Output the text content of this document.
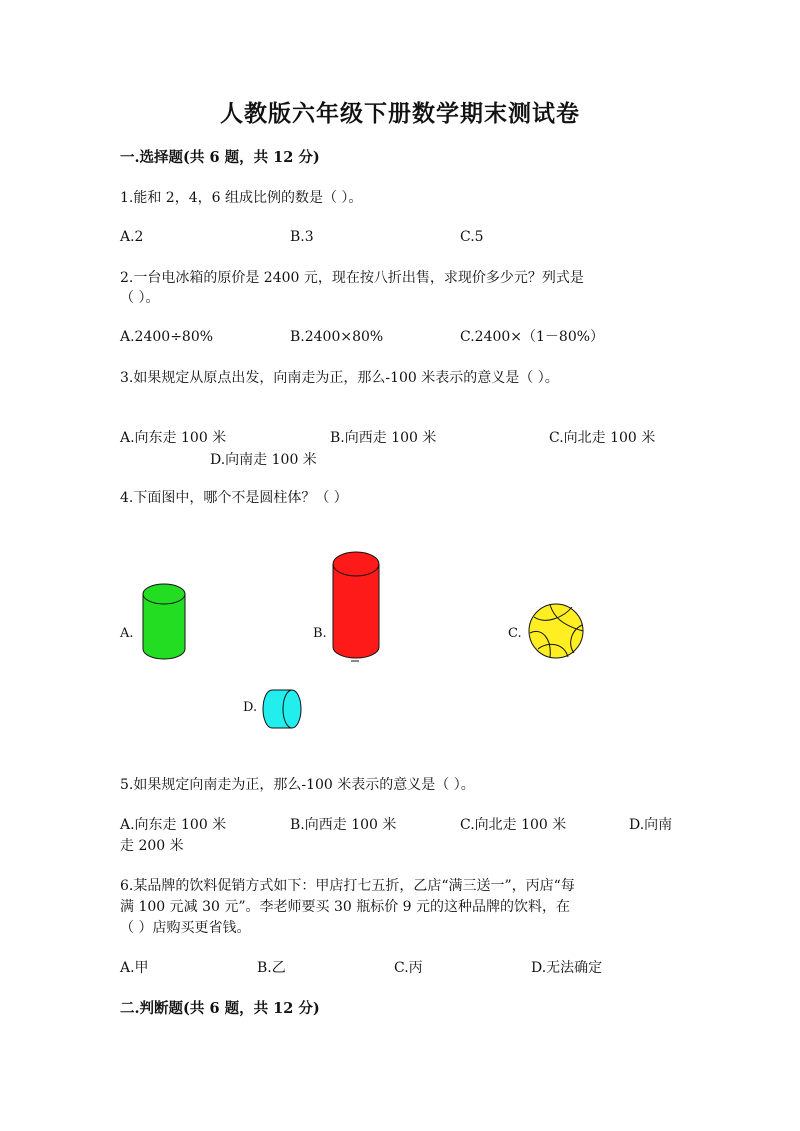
人教版六年级下册数学期末测试卷
一.选择题(共 6 题，共 12 分)
1.能和 2，4，6 组成比例的数是（ ）。
A.2	B.3	C.5
2.一台电冰箱的原价是 2400 元，现在按八折出售，求现价多少元？列式是
（ ）。
A.2400÷80%	B.2400×80%	C.2400×（1－80%）
3.如果规定从原点出发，向南走为正，那么-100 米表示的意义是（ ）。
A.向东走 100 米	B.向西走 100 米	C.向北走 100 米
D.向南走 100 米
4.下面图中，哪个不是圆柱体？（ ）
A.	B.	C.
D.
5.如果规定向南走为正，那么-100 米表示的意义是（ ）。
A.向东走 100 米	B.向西走 100 米	C.向北走 100 米	D.向南
走 200 米
6.某品牌的饮料促销方式如下：甲店打七五折，乙店“满三送一”，丙店“每
满 100 元减 30 元”。李老师要买 30 瓶标价 9 元的这种品牌的饮料，在
（ ）店购买更省钱。
A.甲	B.乙	C.丙	D.无法确定
二.判断题(共 6 题，共 12 分)
